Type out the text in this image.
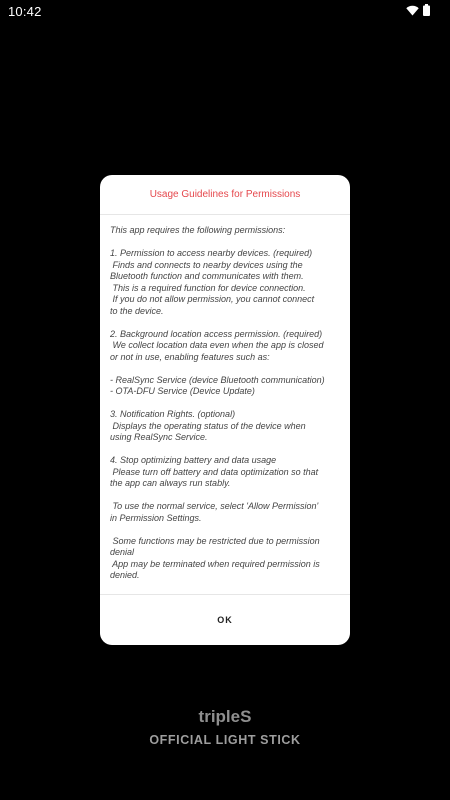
10:42
Usage Guidelines for Permissions
This app requires the following permissions:
1. Permission to access nearby devices. (required)
Finds and connects to nearby devices using the
Bluetooth function and communicates with them.
This is a required function for device connection.
If you do not allow permission, you cannot connect
to the device.
2. Background location access permission. (required)
We collect location data even when the app is closed
or not in use, enabling features such as:
- RealSync Service (device Bluetooth communication)
- OTA-DFU Service (Device Update)
3. Notification Rights. (optional)
Displays the operating status of the device when
using RealSync Service.
4. Stop optimizing battery and data usage
Please turn off battery and data optimization so that
the app can always run stably.
To use the normal service, select 'Allow Permission'
in Permission Settings.
Some functions may be restricted due to permission
denial
App may be terminated when required permission is
denied.
OK
tripleS
OFFICIAL LIGHT STICK
